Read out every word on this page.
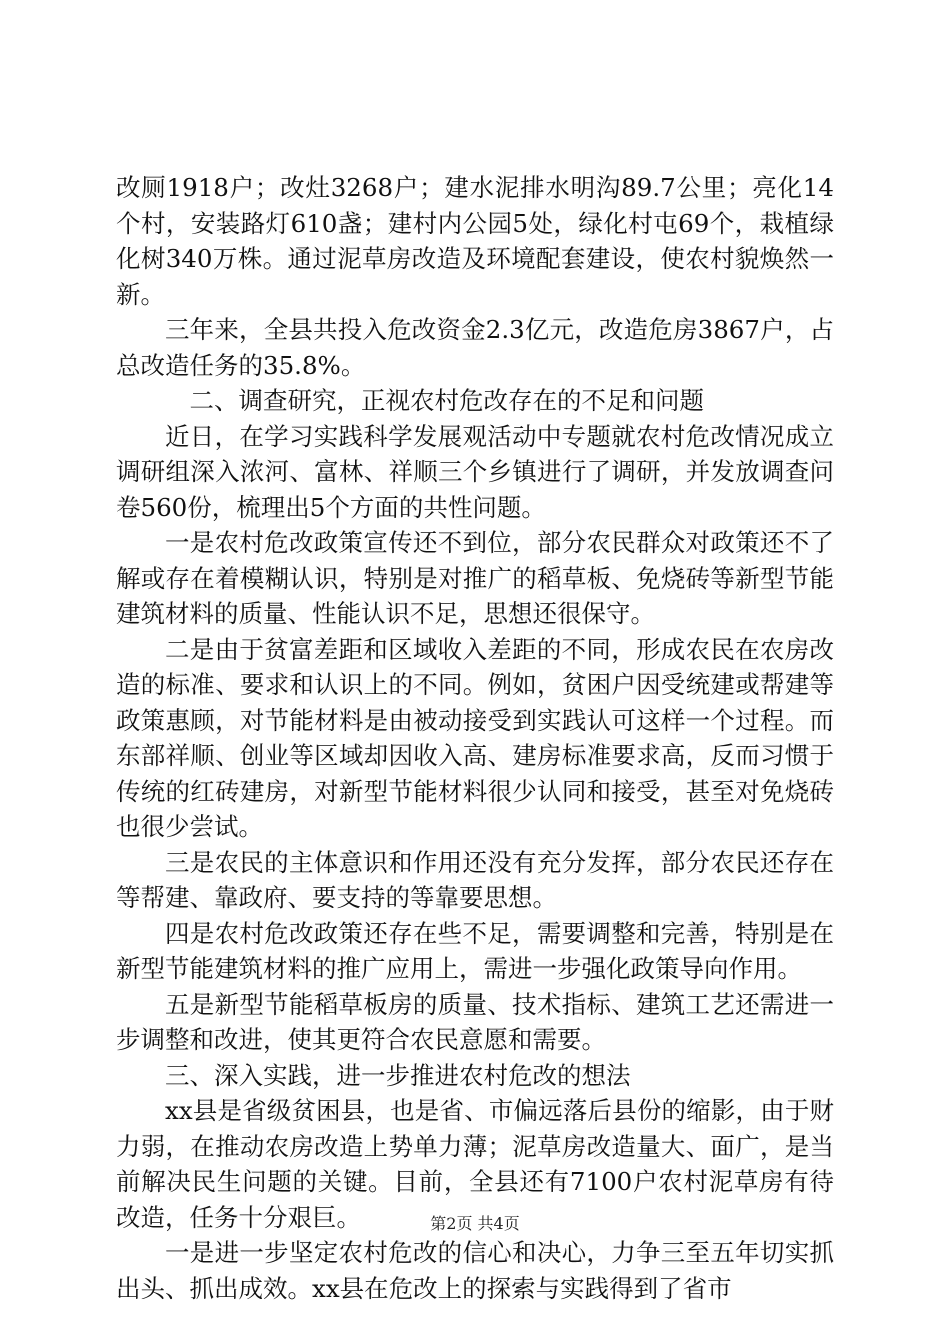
改厕1918户；改灶3268户；建水泥排水明沟89.7公里；亮化14个村，安装路灯610盏；建村内公园5处，绿化村屯69个，栽植绿化树340万株。通过泥草房改造及环境配套建设，使农村貌焕然一新。

三年来，全县共投入危改资金2.3亿元，改造危房3867户，占总改造任务的35.8%。

二、调查研究，正视农村危改存在的不足和问题

近日，在学习实践科学发展观活动中专题就农村危改情况成立调研组深入浓河、富林、祥顺三个乡镇进行了调研，并发放调查问卷560份，梳理出5个方面的共性问题。

一是农村危改政策宣传还不到位，部分农民群众对政策还不了解或存在着模糊认识，特别是对推广的稻草板、免烧砖等新型节能建筑材料的质量、性能认识不足，思想还很保守。

二是由于贫富差距和区域收入差距的不同，形成农民在农房改造的标准、要求和认识上的不同。例如，贫困户因受统建或帮建等政策惠顾，对节能材料是由被动接受到实践认可这样一个过程。而东部祥顺、创业等区域却因收入高、建房标准要求高，反而习惯于传统的红砖建房，对新型节能材料很少认同和接受，甚至对免烧砖也很少尝试。

三是农民的主体意识和作用还没有充分发挥，部分农民还存在等帮建、靠政府、要支持的等靠要思想。

四是农村危改政策还存在些不足，需要调整和完善，特别是在新型节能建筑材料的推广应用上，需进一步强化政策导向作用。

五是新型节能稻草板房的质量、技术指标、建筑工艺还需进一步调整和改进，使其更符合农民意愿和需要。

三、深入实践，进一步推进农村危改的想法

xx县是省级贫困县，也是省、市偏远落后县份的缩影，由于财力弱，在推动农房改造上势单力薄；泥草房改造量大、面广，是当前解决民生问题的关键。目前，全县还有7100户农村泥草房有待改造，任务十分艰巨。

一是进一步坚定农村危改的信心和决心，力争三至五年切实抓出头、抓出成效。xx县在危改上的探索与实践得到了省市

第2页 共4页
